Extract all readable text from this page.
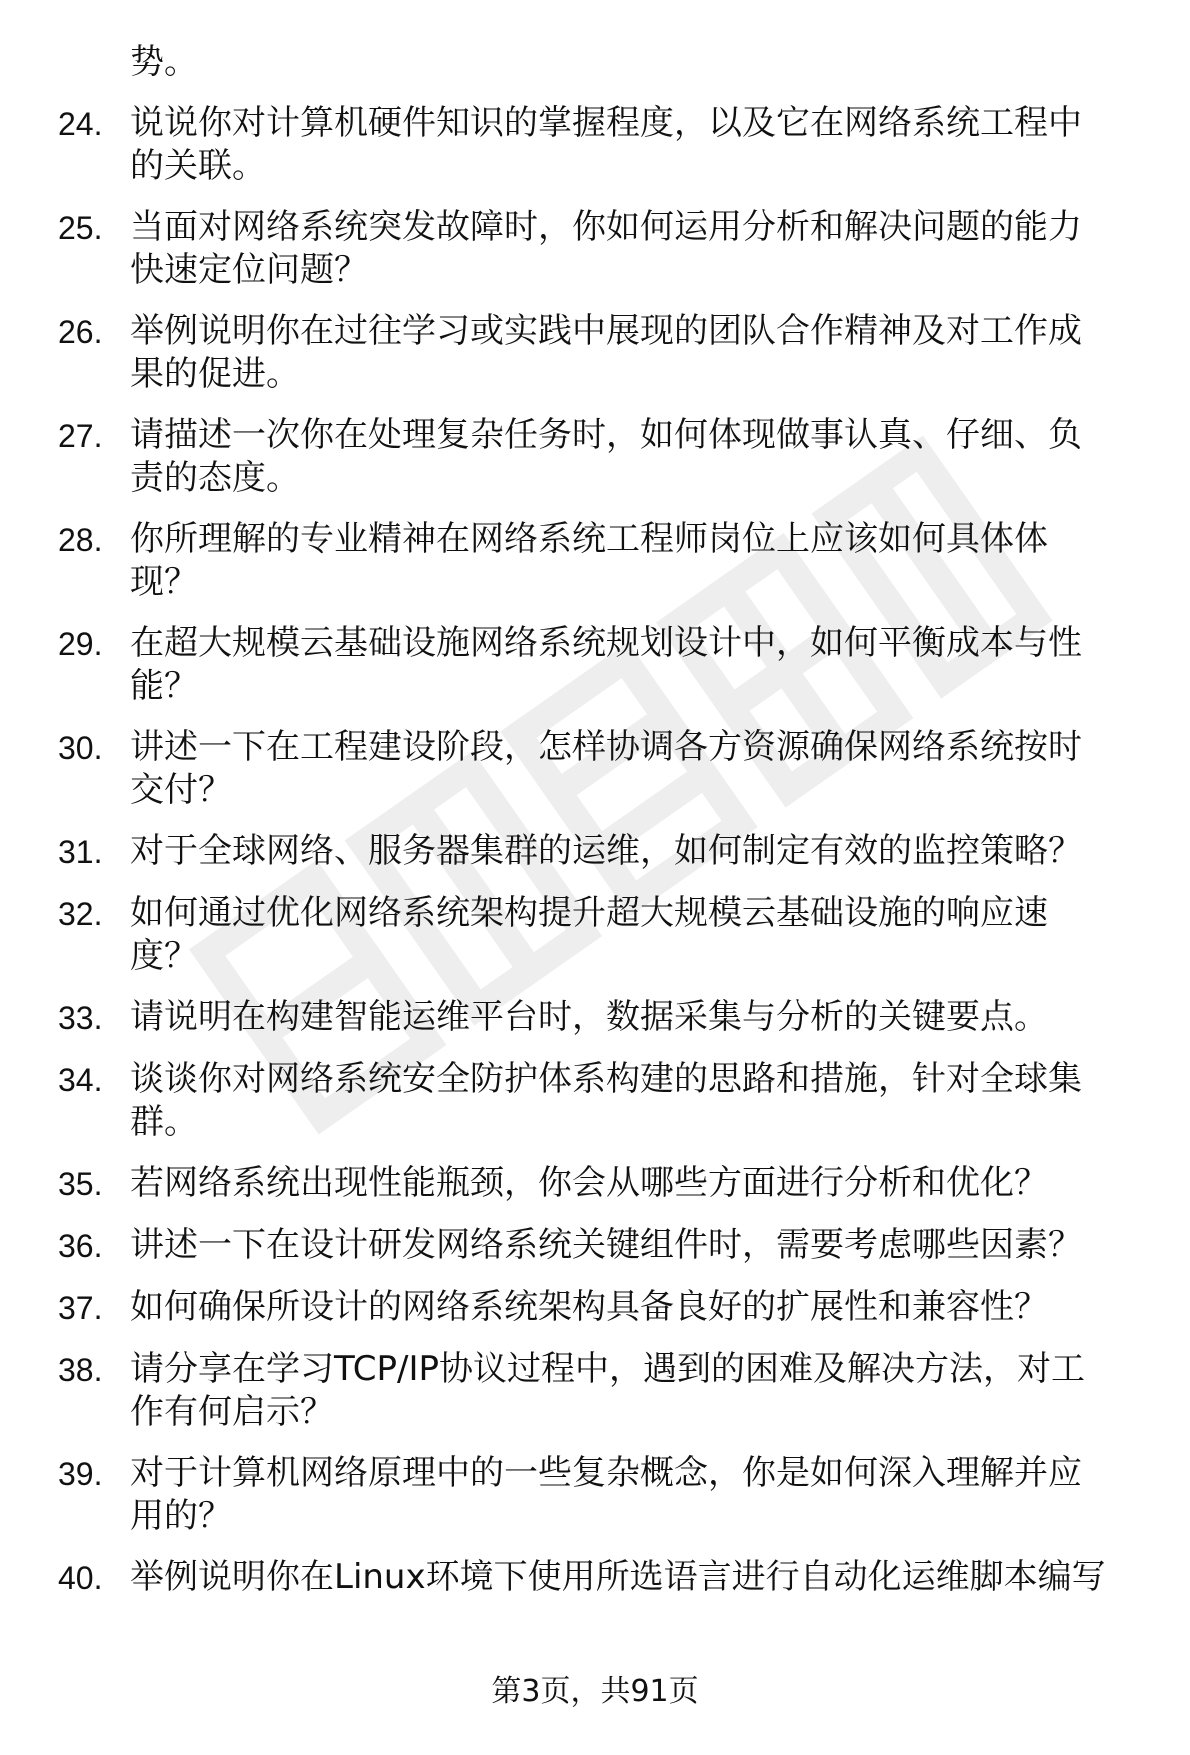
势。
24. 说说你对计算机硬件知识的掌握程度，以及它在网络系统工程中
的关联。
25. 当面对网络系统突发故障时，你如何运用分析和解决问题的能力
快速定位问题？
26. 举例说明你在过往学习或实践中展现的团队合作精神及对工作成
果的促进。
27. 请描述一次你在处理复杂任务时，如何体现做事认真、仔细、负
责的态度。
28. 你所理解的专业精神在网络系统工程师岗位上应该如何具体体
现？
29. 在超大规模云基础设施网络系统规划设计中，如何平衡成本与性
能？
30. 讲述一下在工程建设阶段，怎样协调各方资源确保网络系统按时
交付？
31. 对于全球网络、服务器集群的运维，如何制定有效的监控策略？
32. 如何通过优化网络系统架构提升超大规模云基础设施的响应速
度？
33. 请说明在构建智能运维平台时，数据采集与分析的关键要点。
34. 谈谈你对网络系统安全防护体系构建的思路和措施，针对全球集
群。
35. 若网络系统出现性能瓶颈，你会从哪些方面进行分析和优化？
36. 讲述一下在设计研发网络系统关键组件时，需要考虑哪些因素？
37. 如何确保所设计的网络系统架构具备良好的扩展性和兼容性？
38. 请分享在学习TCP/IP协议过程中，遇到的困难及解决方法，对工
作有何启示？
39. 对于计算机网络原理中的一些复杂概念，你是如何深入理解并应
用的？
40. 举例说明你在Linux环境下使用所选语言进行自动化运维脚本编写
第3页，共91页
